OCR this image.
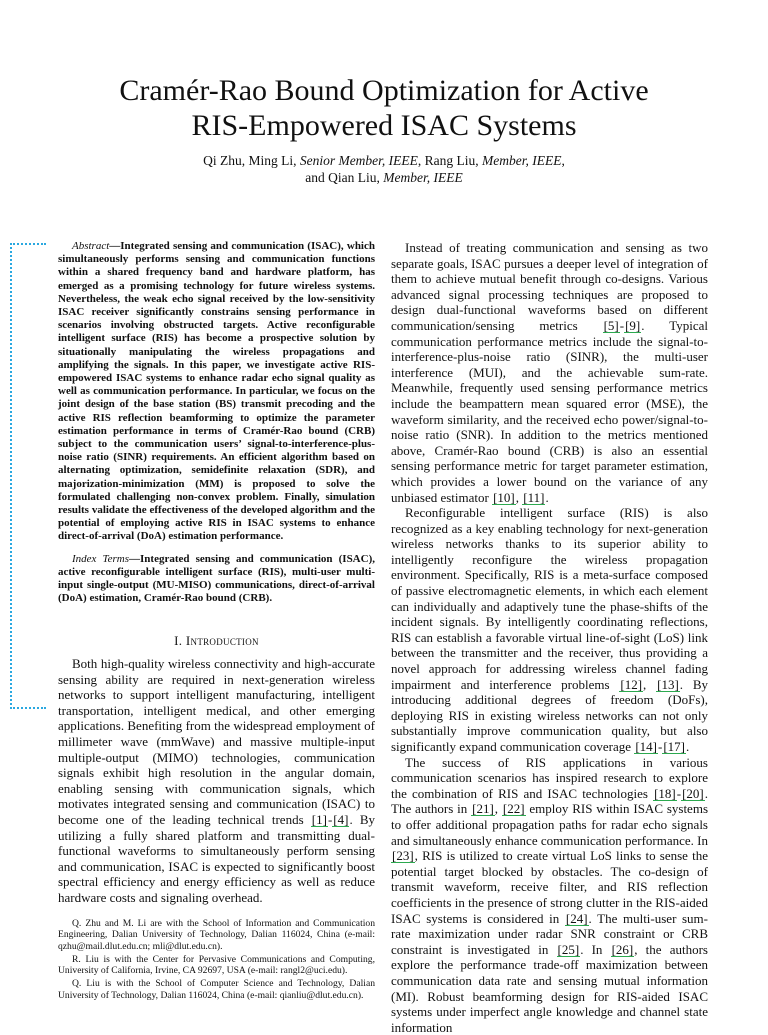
Cramér-Rao Bound Optimization for Active
RIS-Empowered ISAC Systems
Qi Zhu, Ming Li, Senior Member, IEEE, Rang Liu, Member, IEEE,
and Qian Liu, Member, IEEE

Abstract—Integrated sensing and communication (ISAC), which simultaneously performs sensing and communication functions within a shared frequency band and hardware platform, has emerged as a promising technology for future wireless systems. Nevertheless, the weak echo signal received by the low-sensitivity ISAC receiver significantly constrains sensing performance in scenarios involving obstructed targets. Active reconfigurable intelligent surface (RIS) has become a prospective solution by situationally manipulating the wireless propagations and amplifying the signals. In this paper, we investigate active RIS-empowered ISAC systems to enhance radar echo signal quality as well as communication performance. In particular, we focus on the joint design of the base station (BS) transmit precoding and the active RIS reflection beamforming to optimize the parameter estimation performance in terms of Cramér-Rao bound (CRB) subject to the communication users’ signal-to-interference-plus-noise ratio (SINR) requirements. An efficient algorithm based on alternating optimization, semidefinite relaxation (SDR), and majorization-minimization (MM) is proposed to solve the formulated challenging non-convex problem. Finally, simulation results validate the effectiveness of the developed algorithm and the potential of employing active RIS in ISAC systems to enhance direct-of-arrival (DoA) estimation performance.

Index Terms—Integrated sensing and communication (ISAC), active reconfigurable intelligent surface (RIS), multi-user multi-input single-output (MU-MISO) communications, direct-of-arrival (DoA) estimation, Cramér-Rao bound (CRB).

I. Introduction

Both high-quality wireless connectivity and high-accurate sensing ability are required in next-generation wireless networks to support intelligent manufacturing, intelligent transportation, intelligent medical, and other emerging applications. Benefiting from the widespread employment of millimeter wave (mmWave) and massive multiple-input multiple-output (MIMO) technologies, communication signals exhibit high resolution in the angular domain, enabling sensing with communication signals, which motivates integrated sensing and communication (ISAC) to become one of the leading technical trends [1]-[4]. By utilizing a fully shared platform and transmitting dual-functional waveforms to simultaneously perform sensing and communication, ISAC is expected to significantly boost spectral efficiency and energy efficiency as well as reduce hardware costs and signaling overhead.

Q. Zhu and M. Li are with the School of Information and Communication Engineering, Dalian University of Technology, Dalian 116024, China (e-mail: qzhu@mail.dlut.edu.cn; mli@dlut.edu.cn).

R. Liu is with the Center for Pervasive Communications and Computing, University of California, Irvine, CA 92697, USA (e-mail: rangl2@uci.edu).

Q. Liu is with the School of Computer Science and Technology, Dalian University of Technology, Dalian 116024, China (e-mail: qianliu@dlut.edu.cn).

Instead of treating communication and sensing as two separate goals, ISAC pursues a deeper level of integration of them to achieve mutual benefit through co-designs. Various advanced signal processing techniques are proposed to design dual-functional waveforms based on different communication/sensing metrics [5]-[9]. Typical communication performance metrics include the signal-to-interference-plus-noise ratio (SINR), the multi-user interference (MUI), and the achievable sum-rate. Meanwhile, frequently used sensing performance metrics include the beampattern mean squared error (MSE), the waveform similarity, and the received echo power/signal-to-noise ratio (SNR). In addition to the metrics mentioned above, Cramér-Rao bound (CRB) is also an essential sensing performance metric for target parameter estimation, which provides a lower bound on the variance of any unbiased estimator [10], [11].

Reconfigurable intelligent surface (RIS) is also recognized as a key enabling technology for next-generation wireless networks thanks to its superior ability to intelligently reconfigure the wireless propagation environment. Specifically, RIS is a meta-surface composed of passive electromagnetic elements, in which each element can individually and adaptively tune the phase-shifts of the incident signals. By intelligently coordinating reflections, RIS can establish a favorable virtual line-of-sight (LoS) link between the transmitter and the receiver, thus providing a novel approach for addressing wireless channel fading impairment and interference problems [12], [13]. By introducing additional degrees of freedom (DoFs), deploying RIS in existing wireless networks can not only substantially improve communication quality, but also significantly expand communication coverage [14]-[17].

The success of RIS applications in various communication scenarios has inspired research to explore the combination of RIS and ISAC technologies [18]-[20]. The authors in [21], [22] employ RIS within ISAC systems to offer additional propagation paths for radar echo signals and simultaneously enhance communication performance. In [23], RIS is utilized to create virtual LoS links to sense the potential target blocked by obstacles. The co-design of transmit waveform, receive filter, and RIS reflection coefficients in the presence of strong clutter in the RIS-aided ISAC systems is considered in [24]. The multi-user sum-rate maximization under radar SNR constraint or CRB constraint is investigated in [25]. In [26], the authors explore the performance trade-off maximization between communication data rate and sensing mutual information (MI). Robust beamforming design for RIS-aided ISAC systems under imperfect angle knowledge and channel state information
